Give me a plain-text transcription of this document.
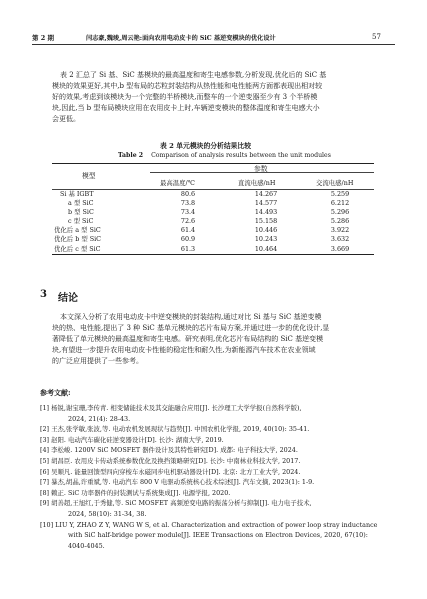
第 2 期	闫志豪,魏竣,周云艳:面向农用电动皮卡的 SiC 基逆变模块的优化设计	57
表 2 汇总了 Si 基、SiC 基模块的最高温度和寄生电感参数,分析发现,优化后的 SiC 基
模块的效果更好,其中,b 型布局的芯粒封装结构从热性能和电性能两方面都表现出相对较
好的效果,考虑到该模块为一个完整的半桥模块,而整车的一个逆变器至少有 3 个半桥模
块,因此,当 b 型布局模块应用在农用皮卡上时,车辆逆变模块的整体温度和寄生电感大小
会更低。
表 2 单元模块的分析结果比较
Table 2 Comparison of analysis results between the unit modules
模型
参数
最高温度/℃	直流电感/nH	交流电感/nH
Si 基 IGBT	80.6	14.267	5.259
a 型 SiC	73.8	14.577	6.212
b 型 SiC	73.4	14.493	5.296
c 型 SiC	72.6	15.158	5.286
优化后 a 型 SiC	61.4	10.446	3.922
优化后 b 型 SiC	60.9	10.243	3.632
优化后 c 型 SiC	61.3	10.464	3.669
3 结论
本文深入分析了农用电动皮卡中逆变模块的封装结构,通过对比 Si 基与 SiC 基逆变模
块的热、电性能,提出了 3 种 SiC 基单元模块的芯片布局方案,并通过进一步的优化设计,显
著降低了单元模块的最高温度和寄生电感。研究表明,优化芯片布局结构的 SiC 基逆变模
块,有望进一步提升农用电动皮卡性能的稳定性和耐久性,为新能源汽车技术在农业领域
的广泛应用提供了一些参考。
参考文献:
[1] 杨锐,谢宝珊,李传青. 相变储能技术及其交能融合应用[J]. 长沙理工大学学报(自然科学版),
2024, 21(4): 28-43.
[2] 王杰,张学敏,张波,等. 电动农机发展现状与趋势[J]. 中国农机化学报, 2019, 40(10): 35-41.
[3] 赵阳. 电动汽车碳化硅逆变器设计[D]. 长沙: 湖南大学, 2019.
[4] 李松峻. 1200V SiC MOSFET 器件设计及其特性研究[D]. 成都: 电子科技大学, 2024.
[5] 胡昌臣. 农用皮卡传动系统参数优化及换挡策略研究[D]. 长沙: 中南林业科技大学, 2017.
[6] 吴顺凡. 能量回馈型四向穿梭车永磁同步电机驱动器设计[D]. 北京: 北方工业大学, 2024.
[7] 暴杰,胡晶,许重斌,等. 电动汽车 800 V 电驱动系统核心技术综述[J]. 汽车文摘, 2023(1): 1-9.
[8] 赖正. SiC 功率器件的封装测试与系统集成[J]. 电源学报, 2020.
[9] 胡善超,王旭红,于秀健,等. SiC MOSFET 高频逆变电路的振荡分析与抑制[J]. 电力电子技术,
2024, 58(10): 31-34, 38.
[10] LIU Y, ZHAO Z Y, WANG W S, et al. Characterization and extraction of power loop stray inductance
with SiC half-bridge power module[J]. IEEE Transactions on Electron Devices, 2020, 67(10):
4040-4045.
